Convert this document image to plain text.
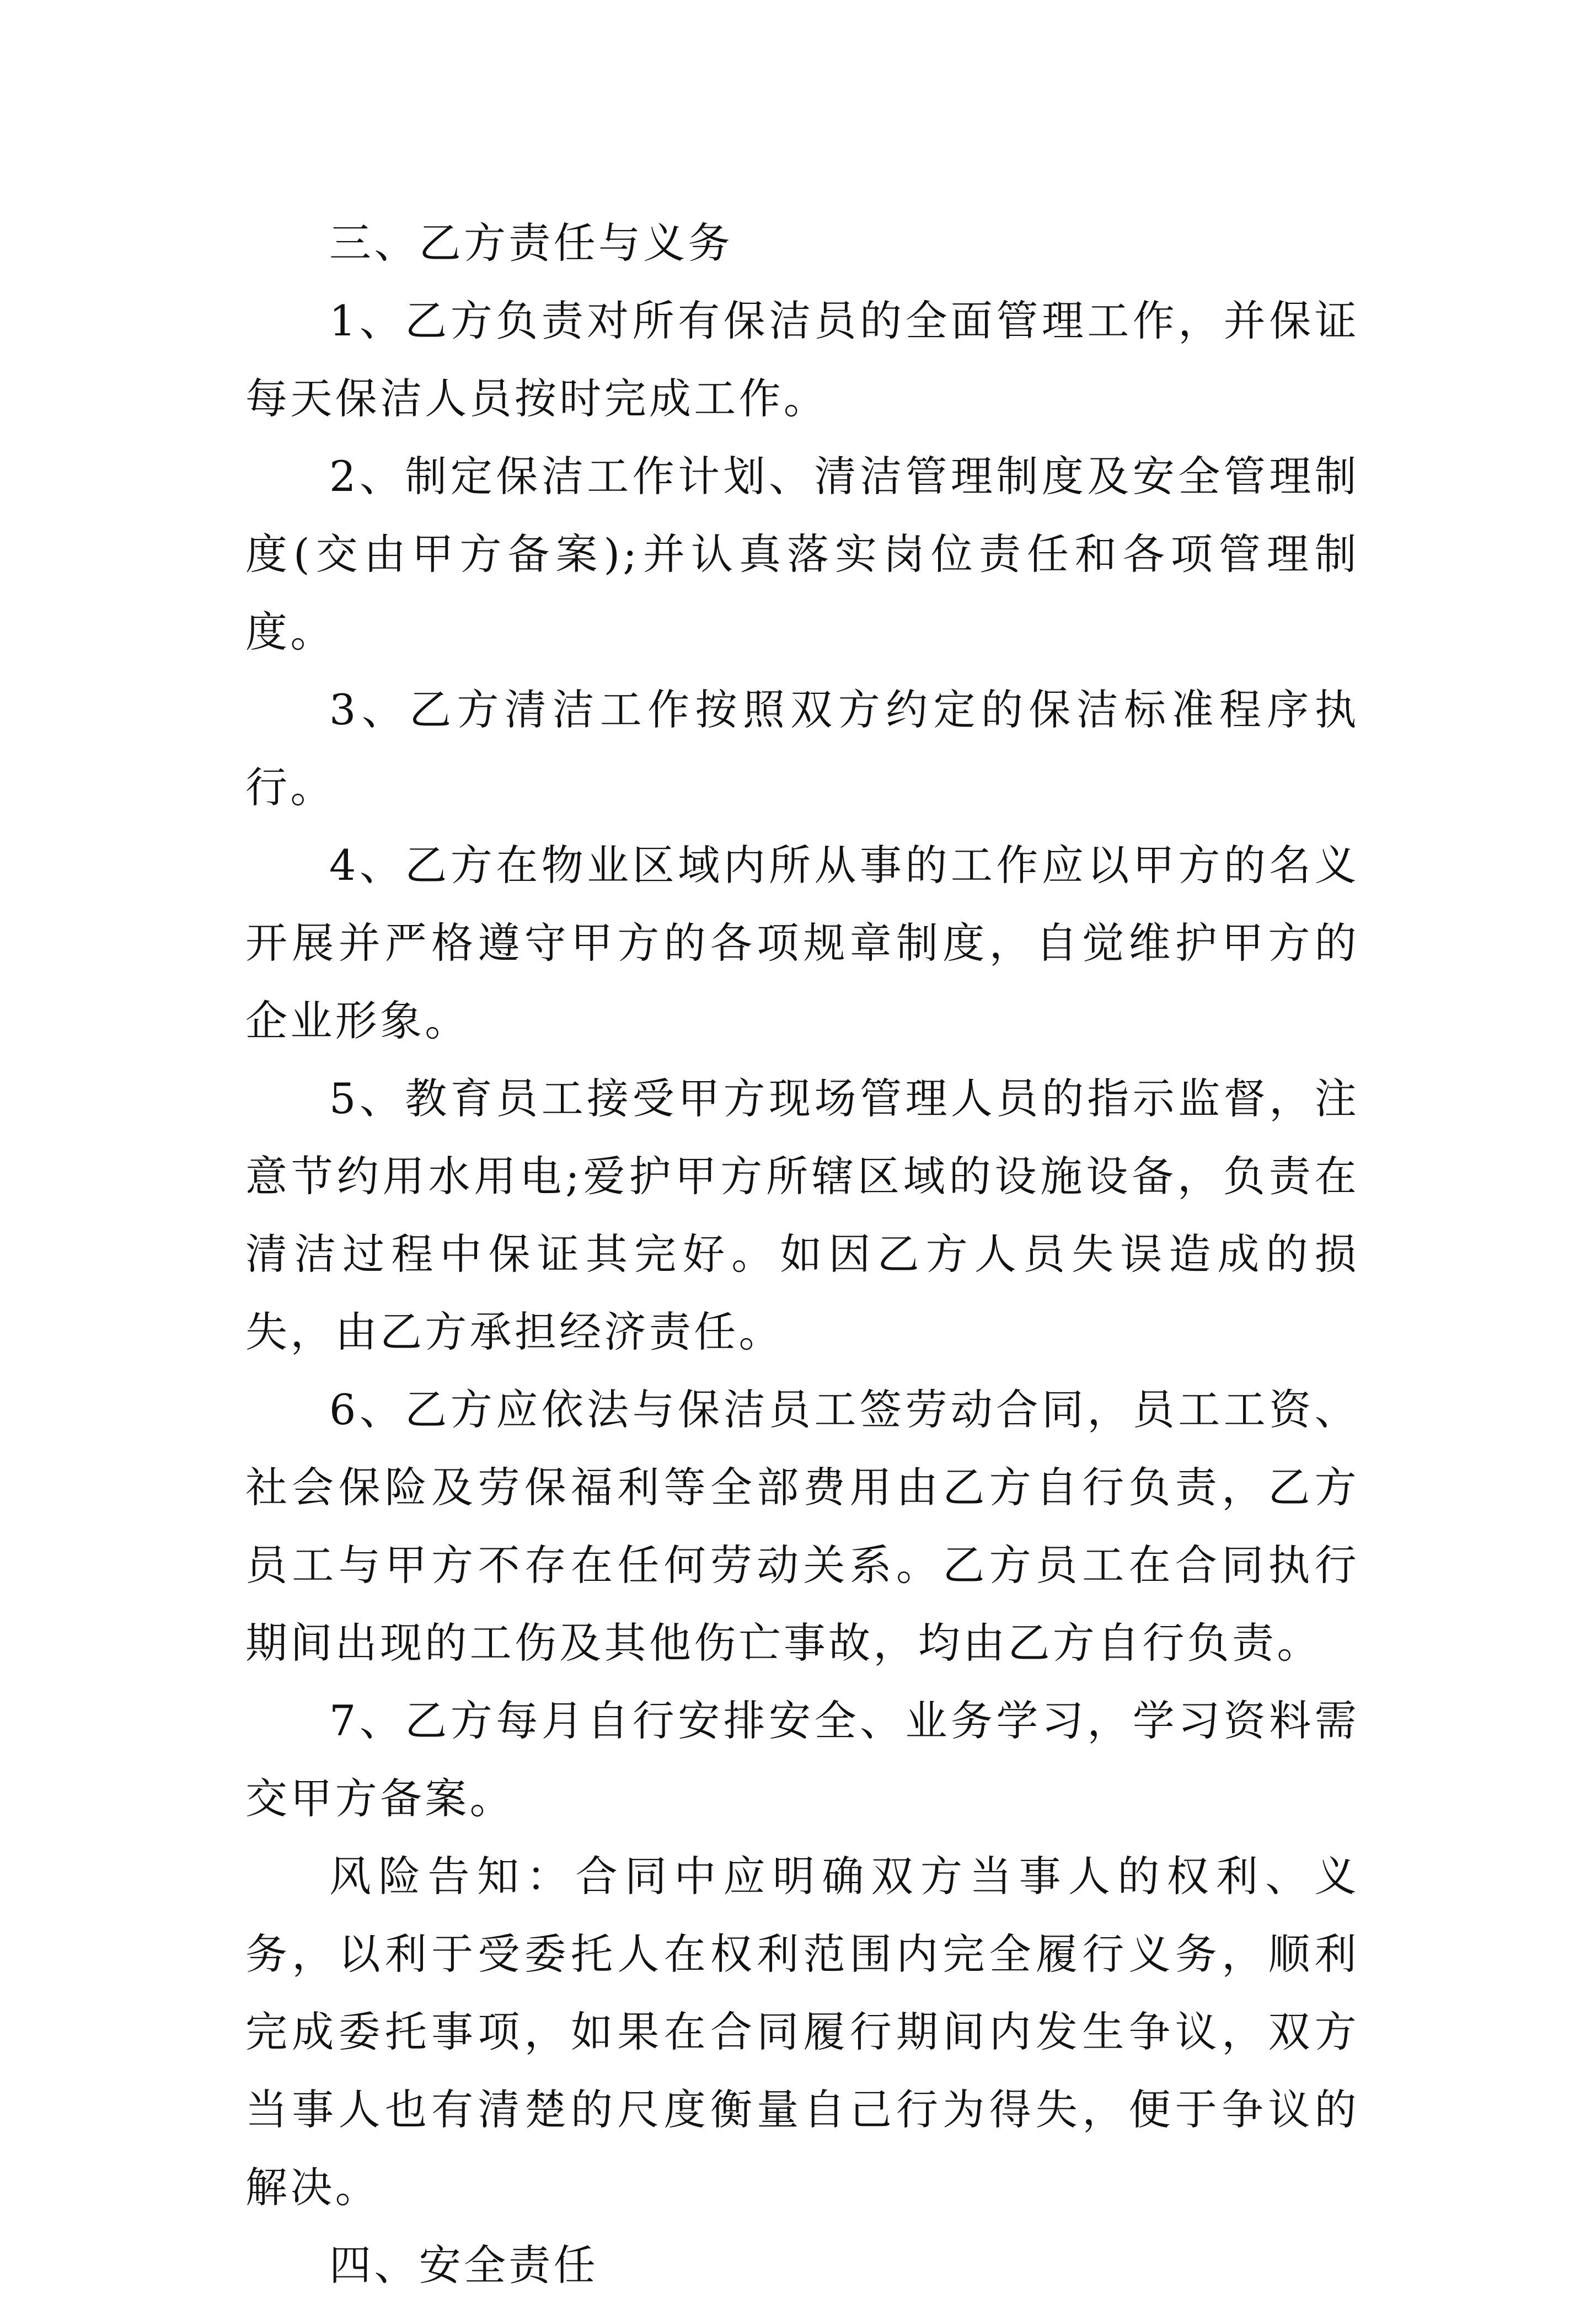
三、乙方责任与义务

1、乙方负责对所有保洁员的全面管理工作，并保证每天保洁人员按时完成工作。

2、制定保洁工作计划、清洁管理制度及安全管理制度(交由甲方备案);并认真落实岗位责任和各项管理制度。

3、乙方清洁工作按照双方约定的保洁标准程序执行。

4、乙方在物业区域内所从事的工作应以甲方的名义开展并严格遵守甲方的各项规章制度，自觉维护甲方的企业形象。

5、教育员工接受甲方现场管理人员的指示监督，注意节约用水用电;爱护甲方所辖区域的设施设备，负责在清洁过程中保证其完好。如因乙方人员失误造成的损失，由乙方承担经济责任。

6、乙方应依法与保洁员工签劳动合同，员工工资、社会保险及劳保福利等全部费用由乙方自行负责，乙方员工与甲方不存在任何劳动关系。乙方员工在合同执行期间出现的工伤及其他伤亡事故，均由乙方自行负责。

7、乙方每月自行安排安全、业务学习，学习资料需交甲方备案。

风险告知：合同中应明确双方当事人的权利、义务，以利于受委托人在权利范围内完全履行义务，顺利完成委托事项，如果在合同履行期间内发生争议，双方当事人也有清楚的尺度衡量自己行为得失，便于争议的解决。

四、安全责任
